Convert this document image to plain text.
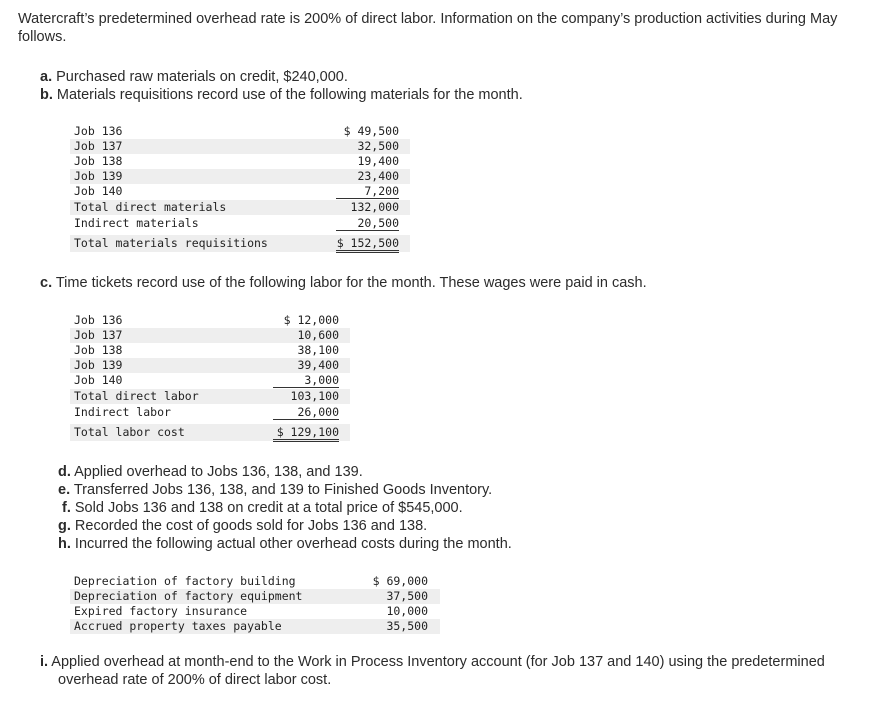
Watercraft’s predetermined overhead rate is 200% of direct labor. Information on the company’s production activities during May follows.
a. Purchased raw materials on credit, $240,000.
b. Materials requisitions record use of the following materials for the month.
Job 136	$ 49,500
Job 137	32,500
Job 138	19,400
Job 139	23,400
Job 140	7,200
Total direct materials	132,000
Indirect materials	20,500
Total materials requisitions	$ 152,500
c. Time tickets record use of the following labor for the month. These wages were paid in cash.
Job 136	$ 12,000
Job 137	10,600
Job 138	38,100
Job 139	39,400
Job 140	3,000
Total direct labor	103,100
Indirect labor	26,000
Total labor cost	$ 129,100
d. Applied overhead to Jobs 136, 138, and 139.
e. Transferred Jobs 136, 138, and 139 to Finished Goods Inventory.
f. Sold Jobs 136 and 138 on credit at a total price of $545,000.
g. Recorded the cost of goods sold for Jobs 136 and 138.
h. Incurred the following actual other overhead costs during the month.
Depreciation of factory building	$ 69,000
Depreciation of factory equipment	37,500
Expired factory insurance	10,000
Accrued property taxes payable	35,500
i. Applied overhead at month-end to the Work in Process Inventory account (for Job 137 and 140) using the predetermined overhead rate of 200% of direct labor cost.
